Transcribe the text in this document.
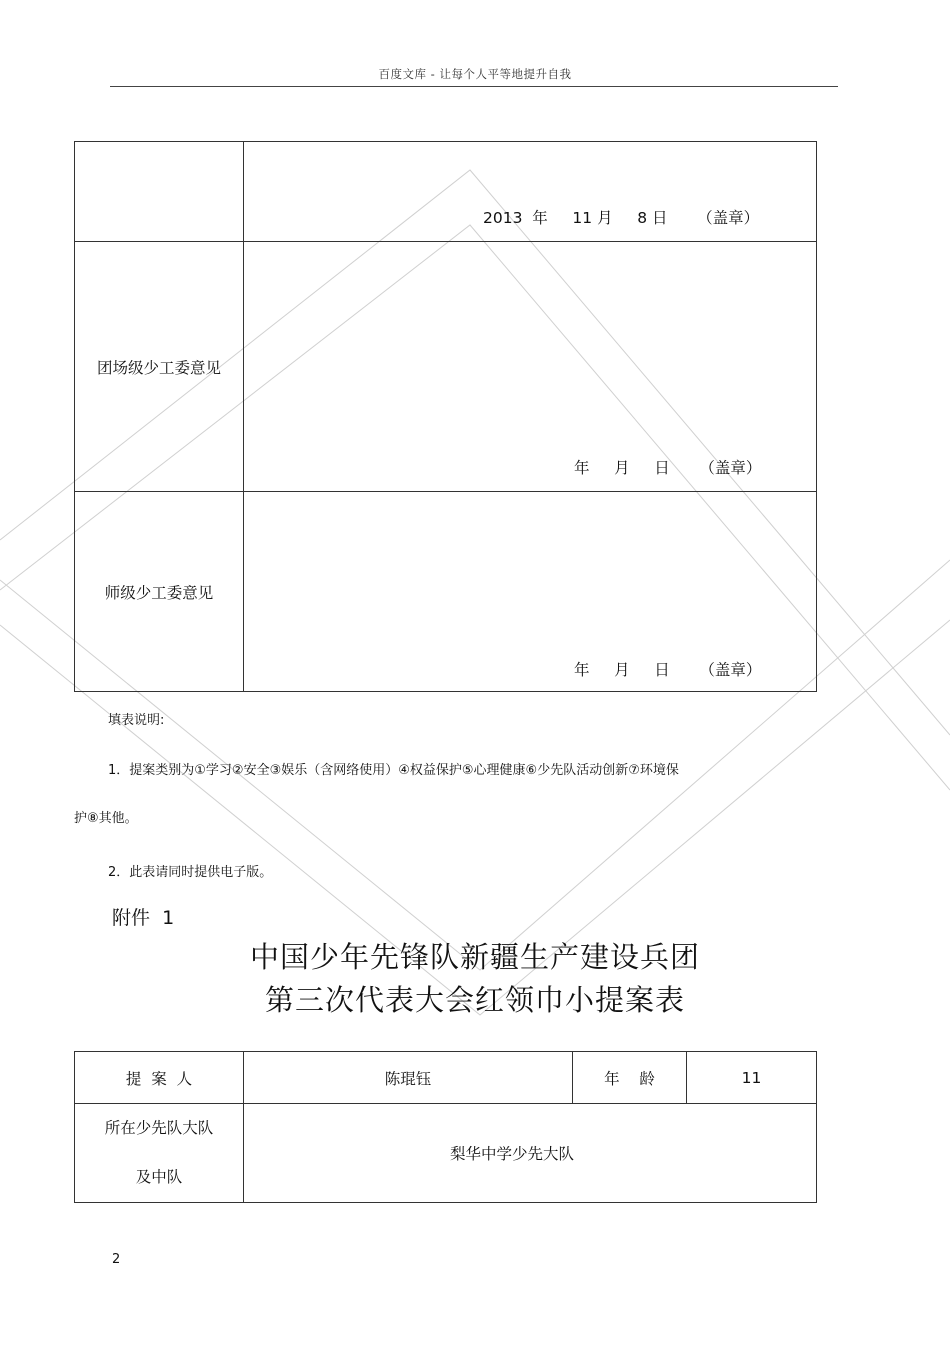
百度文库 - 让每个人平等地提升自我

	2013  年     11 月     8 日      （盖章）

团场级少工委意见	年     月     日      （盖章）

师级少工委意见	年     月     日      （盖章）
填表说明:
1．提案类别为①学习②安全③娱乐（含网络使用）④权益保护⑤心理健康⑥少先队活动创新⑦环境保
护⑧其他。
2．此表请同时提供电子版。
附件  1
中国少年先锋队新疆生产建设兵团
第三次代表大会红领巾小提案表
提  案  人	陈琨钰	年    龄	11

所在少先队大队
及中队	梨华中学少先大队		
2
